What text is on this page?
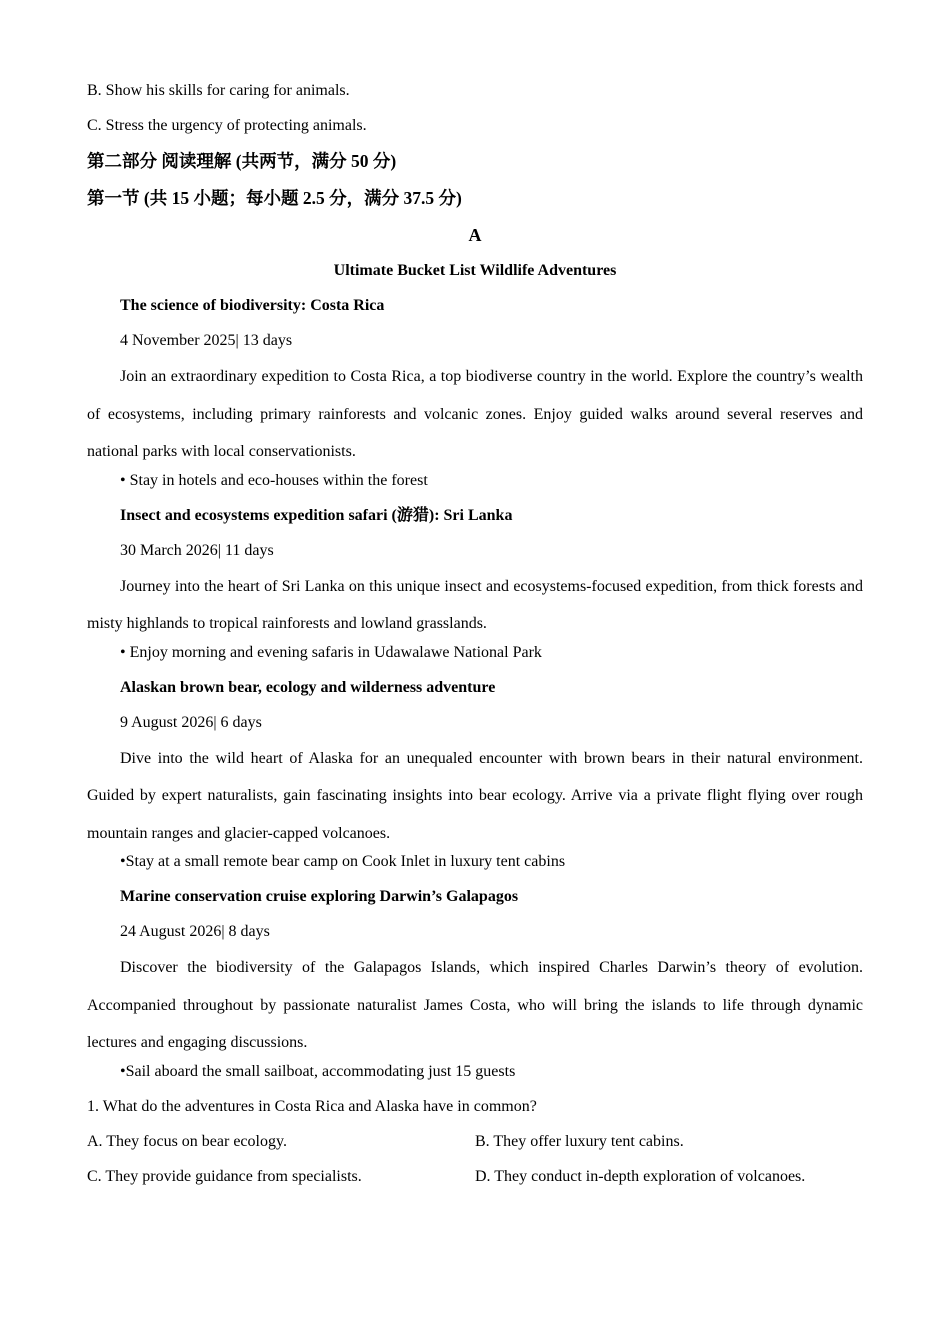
B. Show his skills for caring for animals.
C. Stress the urgency of protecting animals.
第二部分 阅读理解 (共两节，满分 50 分)
第一节 (共 15 小题；每小题 2.5 分，满分 37.5 分)
A
Ultimate Bucket List Wildlife Adventures
The science of biodiversity: Costa Rica
4 November 2025| 13 days
Join an extraordinary expedition to Costa Rica, a top biodiverse country in the world. Explore the country’s wealth of ecosystems, including primary rainforests and volcanic zones. Enjoy guided walks around several reserves and national parks with local conservationists.
• Stay in hotels and eco-houses within the forest
Insect and ecosystems expedition safari (游猎): Sri Lanka
30 March 2026| 11 days
Journey into the heart of Sri Lanka on this unique insect and ecosystems-focused expedition, from thick forests and misty highlands to tropical rainforests and lowland grasslands.
• Enjoy morning and evening safaris in Udawalawe National Park
Alaskan brown bear, ecology and wilderness adventure
9 August 2026| 6 days
Dive into the wild heart of Alaska for an unequaled encounter with brown bears in their natural environment. Guided by expert naturalists, gain fascinating insights into bear ecology. Arrive via a private flight flying over rough mountain ranges and glacier-capped volcanoes.
•Stay at a small remote bear camp on Cook Inlet in luxury tent cabins
Marine conservation cruise exploring Darwin’s Galapagos
24 August 2026| 8 days
Discover the biodiversity of the Galapagos Islands, which inspired Charles Darwin’s theory of evolution. Accompanied throughout by passionate naturalist James Costa, who will bring the islands to life through dynamic lectures and engaging discussions.
•Sail aboard the small sailboat, accommodating just 15 guests
1. What do the adventures in Costa Rica and Alaska have in common?
A. They focus on bear ecology.	B. They offer luxury tent cabins.
C. They provide guidance from specialists.	D. They conduct in-depth exploration of volcanoes.
